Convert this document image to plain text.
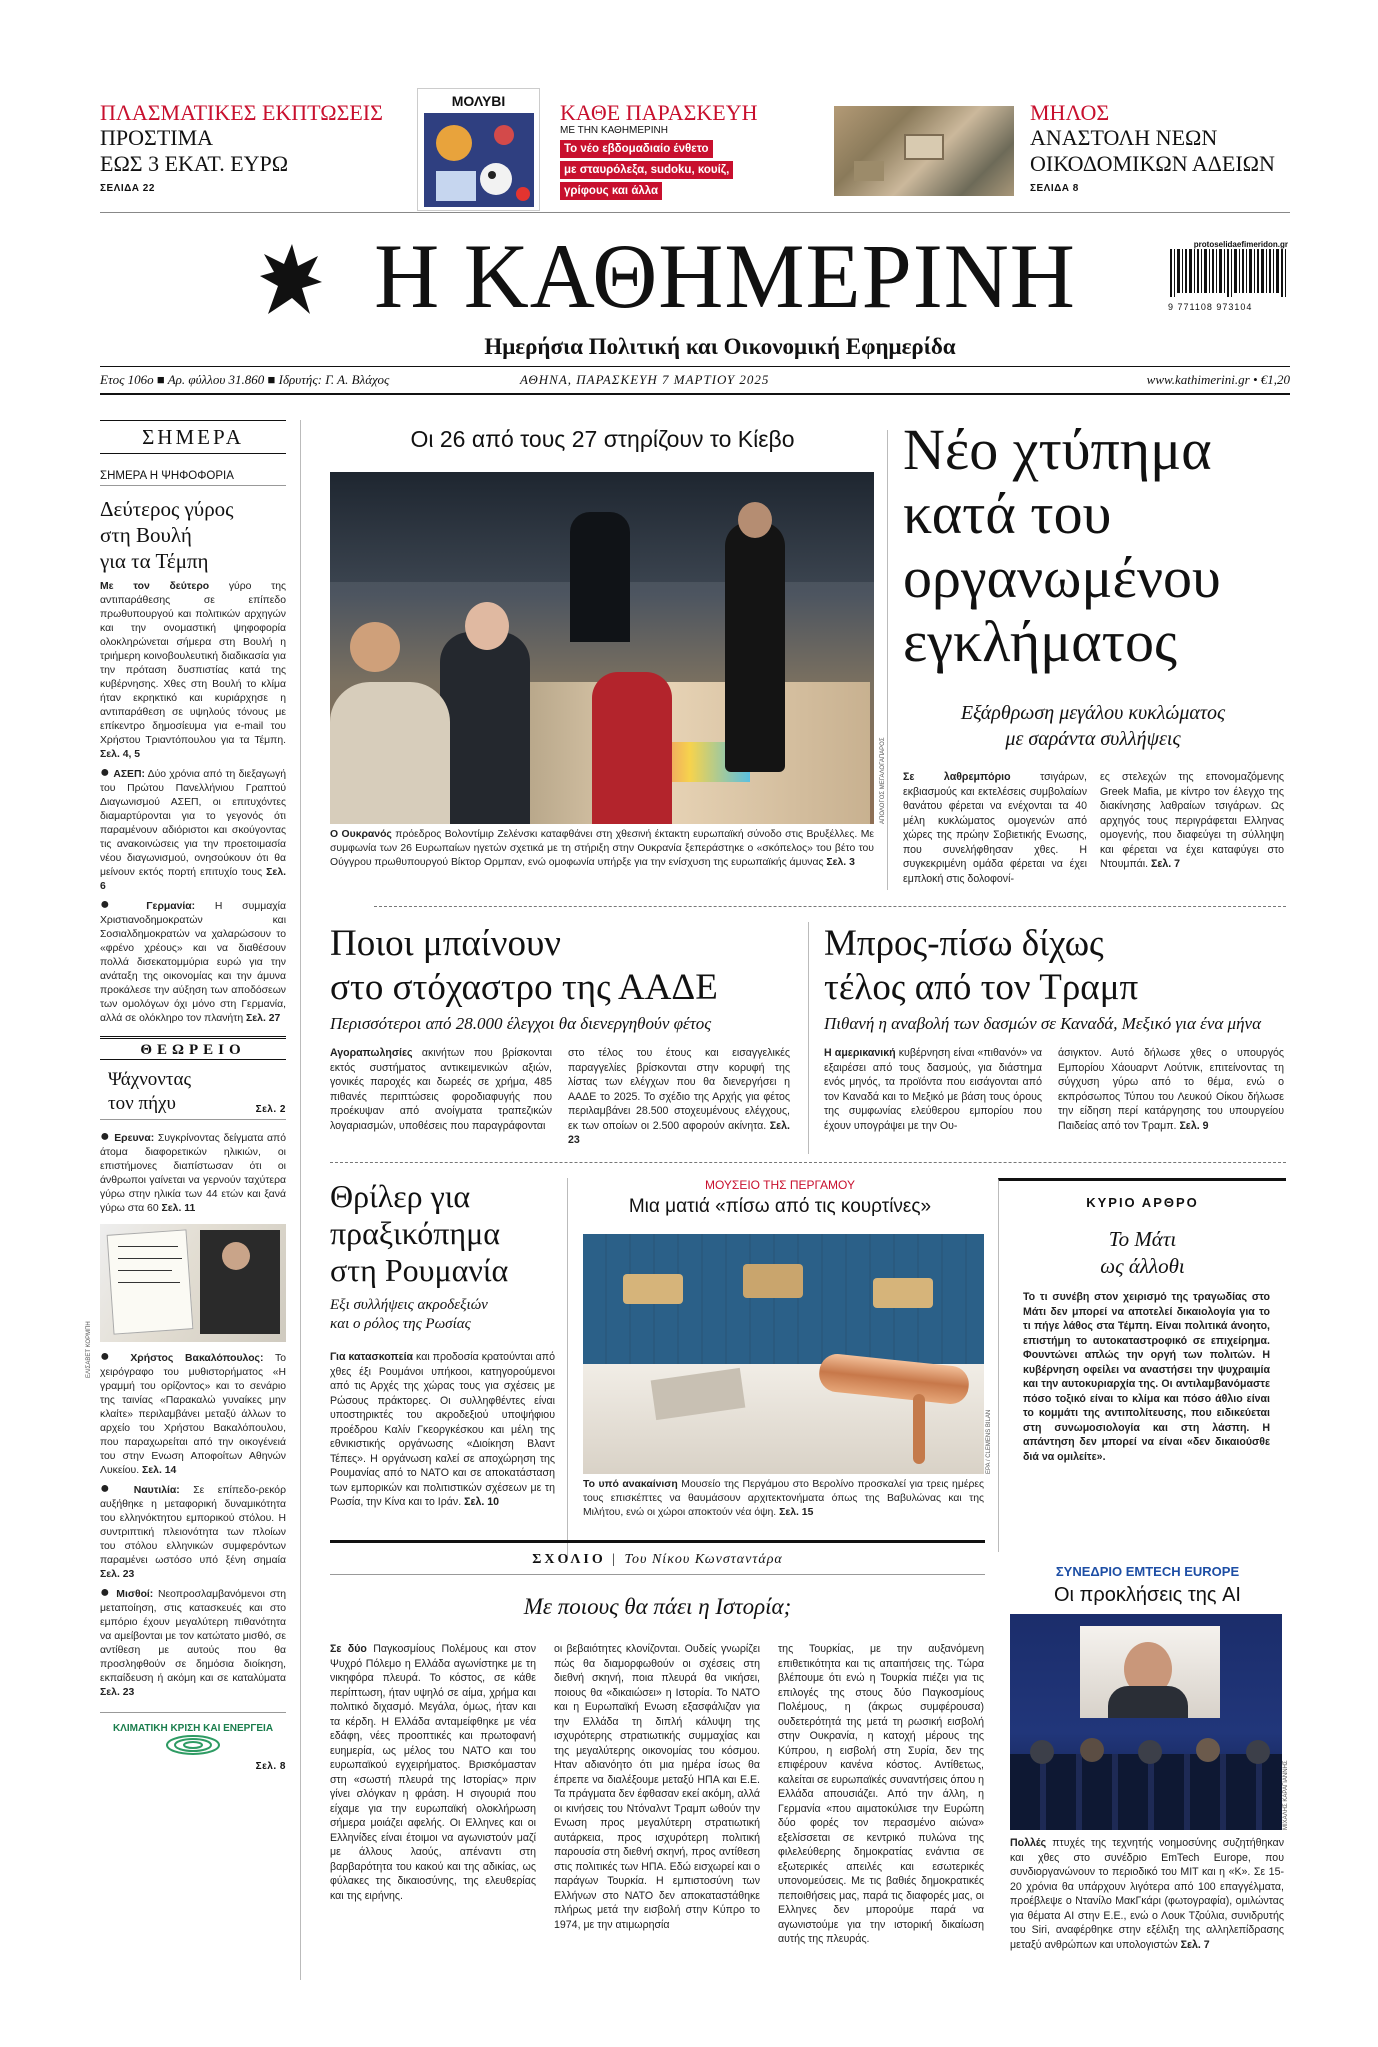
ΠΛΑΣΜΑΤΙΚΕΣ ΕΚΠΤΩΣΕΙΣ
ΠΡΟΣΤΙΜΑ
ΕΩΣ 3 ΕΚΑΤ. ΕΥΡΩ
ΣΕΛΙΔΑ 22
ΜΟΛΥΒΙ	ΚΑΘΕ ΠΑΡΑΣΚΕΥΗ
ΜΕ ΤΗΝ ΚΑΘΗΜΕΡΙΝΗ
Το νέο εβδομαδιαίο ένθετο
με σταυρόλεξα, sudoku, κουίζ,
γρίφους και άλλα
ΜΗΛΟΣ
ΑΝΑΣΤΟΛΗ ΝΕΩΝ
ΟΙΚΟΔΟΜΙΚΩΝ ΑΔΕΙΩΝ
ΣΕΛΙΔΑ 8
Η ΚΑΘΗΜΕΡΙΝΗ
Ημερήσια Πολιτική και Οικονομική Εφημερίδα
protoselidaefimeridon.gr
9 771108 973104
Ετος 106ο ■ Αρ. φύλλου 31.860 ■ Ιδρυτής: Γ. Α. Βλάχος	ΑΘΗΝΑ, ΠΑΡΑΣΚΕΥΗ 7 ΜΑΡΤΙΟΥ 2025	www.kathimerini.gr • €1,20
ΣΗΜΕΡΑ
ΣΗΜΕΡΑ Η ΨΗΦΟΦΟΡΙΑ
Δεύτερος γύρος
στη Βουλή
για τα Τέμπη
Με τον δεύτερο γύρο της αντιπαράθεσης σε επίπεδο πρωθυπουργού και πολιτικών αρχηγών και την ονομαστική ψηφοφορία ολοκληρώνεται σήμερα στη Βουλή η τριήμερη κοινοβουλευτική διαδικασία για την πρόταση δυσπιστίας κατά της κυβέρνησης. Χθες στη Βουλή το κλίμα ήταν εκρηκτικό και κυριάρχησε η αντιπαράθεση σε υψηλούς τόνους με επίκεντρο δημοσίευμα για e-mail του Χρήστου Τριαντόπουλου για τα Τέμπη. Σελ. 4, 5
● ΑΣΕΠ: Δύο χρόνια από τη διεξαγωγή του Πρώτου Πανελλήνιου Γραπτού Διαγωνισμού ΑΣΕΠ, οι επιτυχόντες διαμαρτύρονται για το γεγονός ότι παραμένουν αδιόριστοι και σκούγοντας τις ανακοινώσεις για την προετοιμασία νέου διαγωνισμού, ονησούκουν ότι θα μείνουν εκτός πορτή επιτυχίο τους Σελ. 6
● Γερμανία: Η συμμαχία Χριστιανοδημοκρατών και Σοσιαλδημοκρατών να χαλαρώσουν το «φρένο χρέους» και να διαθέσουν πολλά δισεκατομμύρια ευρώ για την ανάταξη της οικονομίας και την άμυνα προκάλεσε την αύξηση των αποδόσεων των ομολόγων όχι μόνο στη Γερμανία, αλλά σε ολόκληρο τον πλανήτη Σελ. 27
ΘΕΩΡΕΙΟ
Ψάχνοντας
τον πήχυ	Σελ. 2
● Ερευνα: Συγκρίνοντας δείγματα από άτομα διαφορετικών ηλικιών, οι επιστήμονες διαπίστωσαν ότι οι άνθρωποι γαίνεται να γερνούν ταχύτερα γύρω στην ηλικία των 44 ετών και ξανά γύρω στα 60 Σελ. 11
ΕΛΙΣΑΒΕΤ ΚΟΡΜΠΗ ● Χρήστος Βακαλόπουλος: Το χειρόγραφο του μυθιστορήματος «Η γραμμή του ορίζοντος» και το σενάριο της ταινίας «Παρακαλώ γυναίκες μην κλαίτε» περιλαμβάνει μεταξύ άλλων το αρχείο του Χρήστου Βακαλόπουλου, που παραχωρείται από την οικογένειά του στην Ενωση Αποφοίτων Αθηνών Λυκείου. Σελ. 14
● Ναυτιλία: Σε επίπεδο-ρεκόρ αυξήθηκε η μεταφορική δυναμικότητα του ελληνόκτητου εμπορικού στόλου. Η συντριπτική πλειονότητα των πλοίων του στόλου ελληνικών συμφερόντων παραμένει ωστόσο υπό ξένη σημαία Σελ. 23
● Μισθοί: Νεοπροσλαμβανόμενοι στη μεταποίηση, στις κατασκευές και στο εμπόριο έχουν μεγαλύτερη πιθανότητα να αμείβονται με τον κατώτατο μισθό, σε αντίθεση με αυτούς που θα προσληφθούν σε δημόσια διοίκηση, εκπαίδευση ή ακόμη και σε καταλύματα Σελ. 23
ΚΛΙΜΑΤΙΚΗ ΚΡΙΣΗ ΚΑΙ ΕΝΕΡΓΕΙΑ
Σελ. 8
Οι 26 από τους 27 στηρίζουν το Κίεβο
ΑΠΟΛΟΓΟΣ ΜΕΓΑΛΟΓΑΠΑΡΟΣ
Ο Ουκρανός πρόεδρος Βολοντίμιρ Ζελένσκι καταφθάνει στη χθεσινή έκτακτη ευρωπαϊκή σύνοδο στις Βρυξέλλες. Με συμφωνία των 26 Ευρωπαίων ηγετών σχετικά με τη στήριξη στην Ουκρανία ξεπεράστηκε ο «σκόπελος» του βέτο του Ούγγρου πρωθυπουργού Βίκτορ Ορμπαν, ενώ ομοφωνία υπήρξε για την ενίσχυση της ευρωπαϊκής άμυνας Σελ. 3
Νέο χτύπημα
κατά του
οργανωμένου
εγκλήματος
Εξάρθρωση μεγάλου κυκλώματος
με σαράντα συλλήψεις
Σε λαθρεμπόριο τσιγάρων, εκβιασμούς και εκτελέσεις συμβολαίων θανάτου φέρεται να ενέχονται τα 40 μέλη κυκλώματος ομογενών από χώρες της πρώην Σοβιετικής Ενωσης, που συνελήφθησαν χθες. Η συγκεκριμένη ομάδα φέρεται να έχει εμπλοκή στις δολοφονί-
ες στελεχών της επονομαζόμενης Greek Mafia, με κίντρο τον έλεγχο της διακίνησης λαθραίων τσιγάρων. Ως αρχηγός τους περιγράφεται Ελληνας ομογενής, που διαφεύγει τη σύλληψη και φέρεται να έχει καταφύγει στο Ντουμπάι. Σελ. 7
Ποιοι μπαίνουν
στο στόχαστρο της ΑΑΔΕ
Περισσότεροι από 28.000 έλεγχοι θα διενεργηθούν φέτος
Αγοραπωλησίες ακινήτων που βρίσκονται εκτός συστήματος αντικειμενικών αξιών, γονικές παροχές και δωρεές σε χρήμα, 485 πιθανές περιπτώσεις φοροδιαφυγής που προέκυψαν από ανοίγματα τραπεζικών λογαριασμών, υποθέσεις που παραγράφονται
στο τέλος του έτους και εισαγγελικές παραγγελίες βρίσκονται στην κορυφή της λίστας των ελέγχων που θα διενεργήσει η ΑΑΔΕ το 2025. Το σχέδιο της Αρχής για φέτος περιλαμβάνει 28.500 στοχευμένους ελέγχους, εκ των οποίων οι 2.500 αφορούν ακίνητα. Σελ. 23
Μπρος-πίσω δίχως
τέλος από τον Τραμπ
Πιθανή η αναβολή των δασμών σε Καναδά, Μεξικό για ένα μήνα
Η αμερικανική κυβέρνηση είναι «πιθανόν» να εξαιρέσει από τους δασμούς, για διάστημα ενός μηνός, τα προϊόντα που εισάγονται από τον Καναδά και το Μεξικό με βάση τους όρους της συμφωνίας ελεύθερου εμπορίου που έχουν υπογράψει με την Ου-
άσιγκτον. Αυτό δήλωσε χθες ο υπουργός Εμπορίου Χάουαρντ Λούτνικ, επιτείνοντας τη σύγχυση γύρω από το θέμα, ενώ ο εκπρόσωπος Τύπου του Λευκού Οίκου δήλωσε την είδηση περί κατάργησης του υπουργείου Παιδείας από τον Τραμπ. Σελ. 9
Θρίλερ για
πραξικόπημα
στη Ρουμανία
Εξι συλλήψεις ακροδεξιών
και ο ρόλος της Ρωσίας
Για κατασκοπεία και προδοσία κρατούνται από χθες έξι Ρουμάνοι υπήκοοι, κατηγορούμενοι από τις Αρχές της χώρας τους για σχέσεις με Ρώσους πράκτορες. Οι συλληφθέντες είναι υποστηρικτές του ακροδεξιού υποψήφιου προέδρου Καλίν Γκεοργκέσκου και μέλη της εθνικιστικής οργάνωσης «Διοίκηση Βλαντ Τέπες». Η οργάνωση καλεί σε αποχώρηση της Ρουμανίας από το ΝΑΤΟ και σε αποκατάσταση των εμπορικών και πολιτιστικών σχέσεων με τη Ρωσία, την Κίνα και το Ιράν. Σελ. 10
ΜΟΥΣΕΙΟ ΤΗΣ ΠΕΡΓΑΜΟΥ
Μια ματιά «πίσω από τις κουρτίνες»
EPA / CLEMENS BILAN
Το υπό ανακαίνιση Μουσείο της Περγάμου στο Βερολίνο προσκαλεί για τρεις ημέρες τους επισκέπτες να θαυμάσουν αρχιτεκτονήματα όπως της Βαβυλώνας και της Μιλήτου, ενώ οι χώροι αποκτούν νέα όψη. Σελ. 15
ΚΥΡΙΟ ΑΡΘΡΟ
Το Μάτι
ως άλλοθι
Το τι συνέβη στον χειρισμό της τραγωδίας στο Μάτι δεν μπορεί να αποτελεί δικαιολογία για το τι πήγε λάθος στα Τέμπη. Είναι πολιτικά άνοητο, επιστήμη το αυτοκαταστροφικό σε επιχείρημα. Φουντώνει απλώς την οργή των πολιτών. Η κυβέρνηση οφείλει να αναστήσει την ψυχραιμία και την αυτοκυριαρχία της. Οι αντιλαμβανόμαστε πόσο τοξικό είναι το κλίμα και πόσο άθλιο είναι το κομμάτι της αντιπολίτευσης, που ειδικεύεται στη συνωμοσιολογία και στη λάσπη. Η απάντηση δεν μπορεί να είναι «δεν δικαιούσθε διά να ομιλείτε».
ΣΧΟΛΙΟ | Του Νίκου Κωνσταντάρα
Με ποιους θα πάει η Ιστορία;
Σε δύο Παγκοσμίους Πολέμους και στον Ψυχρό Πόλεμο η Ελλάδα αγωνίστηκε με τη νικηφόρα πλευρά. Το κόστος, σε κάθε περίπτωση, ήταν υψηλό σε αίμα, χρήμα και πολιτικό διχασμό. Μεγάλα, όμως, ήταν και τα κέρδη. Η Ελλάδα ανταμείφθηκε με νέα εδάφη, νέες προοπτικές και πρωτοφανή ευημερία, ως μέλος του ΝΑΤΟ και του ευρωπαϊκού εγχειρήματος. Βρισκόμασταν στη «σωστή πλευρά της Ιστορίας» πριν γίνει σλόγκαν η φράση. Η σιγουριά που είχαμε για την ευρωπαϊκή ολοκλήρωση σήμερα μοιάζει αφελής. Οι Ελληνες και οι Ελληνίδες είναι έτοιμοι να αγωνιστούν μαζί με άλλους λαούς, απέναντι στη βαρβαρότητα του κακού και της αδικίας, ως φύλακες της δικαιοσύνης, της ελευθερίας και της ειρήνης.
οι βεβαιότητες κλονίζονται. Ουδείς γνωρίζει πώς θα διαμορφωθούν οι σχέσεις στη διεθνή σκηνή, ποια πλευρά θα νικήσει, ποιους θα «δικαιώσει» η Ιστορία. Το ΝΑΤΟ και η Ευρωπαϊκή Ενωση εξασφάλιζαν για την Ελλάδα τη διπλή κάλυψη της ισχυρότερης στρατιωτικής συμμαχίας και της μεγαλύτερης οικονομίας του κόσμου. Ηταν αδιανόητο ότι μια ημέρα ίσως θα έπρεπε να διαλέξουμε μεταξύ ΗΠΑ και Ε.Ε. Τα πράγματα δεν έφθασαν εκεί ακόμη, αλλά οι κινήσεις του Ντόναλντ Τραμπ ωθούν την Ενωση προς μεγαλύτερη στρατιωτική αυτάρκεια, προς ισχυρότερη πολιτική παρουσία στη διεθνή σκηνή, προς αντίθεση στις πολιτικές των ΗΠΑ. Εδώ εισχωρεί και ο παράγων Τουρκία. Η εμπιστοσύνη των Ελλήνων στο ΝΑΤΟ δεν αποκαταστάθηκε πλήρως μετά την εισβολή στην Κύπρο το 1974, με την ατιμωρησία
της Τουρκίας, με την αυξανόμενη επιθετικότητα και τις απαιτήσεις της. Τώρα βλέπουμε ότι ενώ η Τουρκία πιέζει για τις επιλογές της στους δύο Παγκοσμίους Πολέμους, η (άκρως συμφέρουσα) ουδετερότητά της μετά τη ρωσική εισβολή στην Ουκρανία, η κατοχή μέρους της Κύπρου, η εισβολή στη Συρία, δεν της επιφέρουν κανένα κόστος. Αντίθετως, καλείται σε ευρωπαϊκές συναντήσεις όπου η Ελλάδα απουσιάζει. Από την άλλη, η Γερμανία «που αιματοκύλισε την Ευρώπη δύο φορές τον περασμένο αιώνα» εξελίσσεται σε κεντρικό πυλώνα της φιλελεύθερης δημοκρατίας ενάντια σε εξωτερικές απειλές και εσωτερικές υπονομεύσεις. Με τις βαθιές δημοκρατικές πεποιθήσεις μας, παρά τις διαφορές μας, οι Ελληνες δεν μπορούμε παρά να αγωνιστούμε για την ιστορική δικαίωση αυτής της πλευράς.
ΣΥΝΕΔΡΙΟ EMTECH EUROPE
Οι προκλήσεις της AI
ΜΙΧΑΛΗΣ ΚΑΡΑΓΙΑΝΝΗΣ
Πολλές πτυχές της τεχνητής νοημοσύνης συζητήθηκαν και χθες στο συνέδριο EmTech Europe, που συνδιοργανώνουν το περιοδικό του MIT και η «Κ». Σε 15-20 χρόνια θα υπάρχουν λιγότερα από 100 επαγγέλματα, προέβλεψε ο Ντανίλο ΜακΓκάρι (φωτογραφία), ομιλώντας για θέματα AI στην Ε.Ε., ενώ ο Λουκ Τζούλια, συνιδρυτής του Siri, αναφέρθηκε στην εξέλιξη της αλληλεπίδρασης μεταξύ ανθρώπων και υπολογιστών Σελ. 7
